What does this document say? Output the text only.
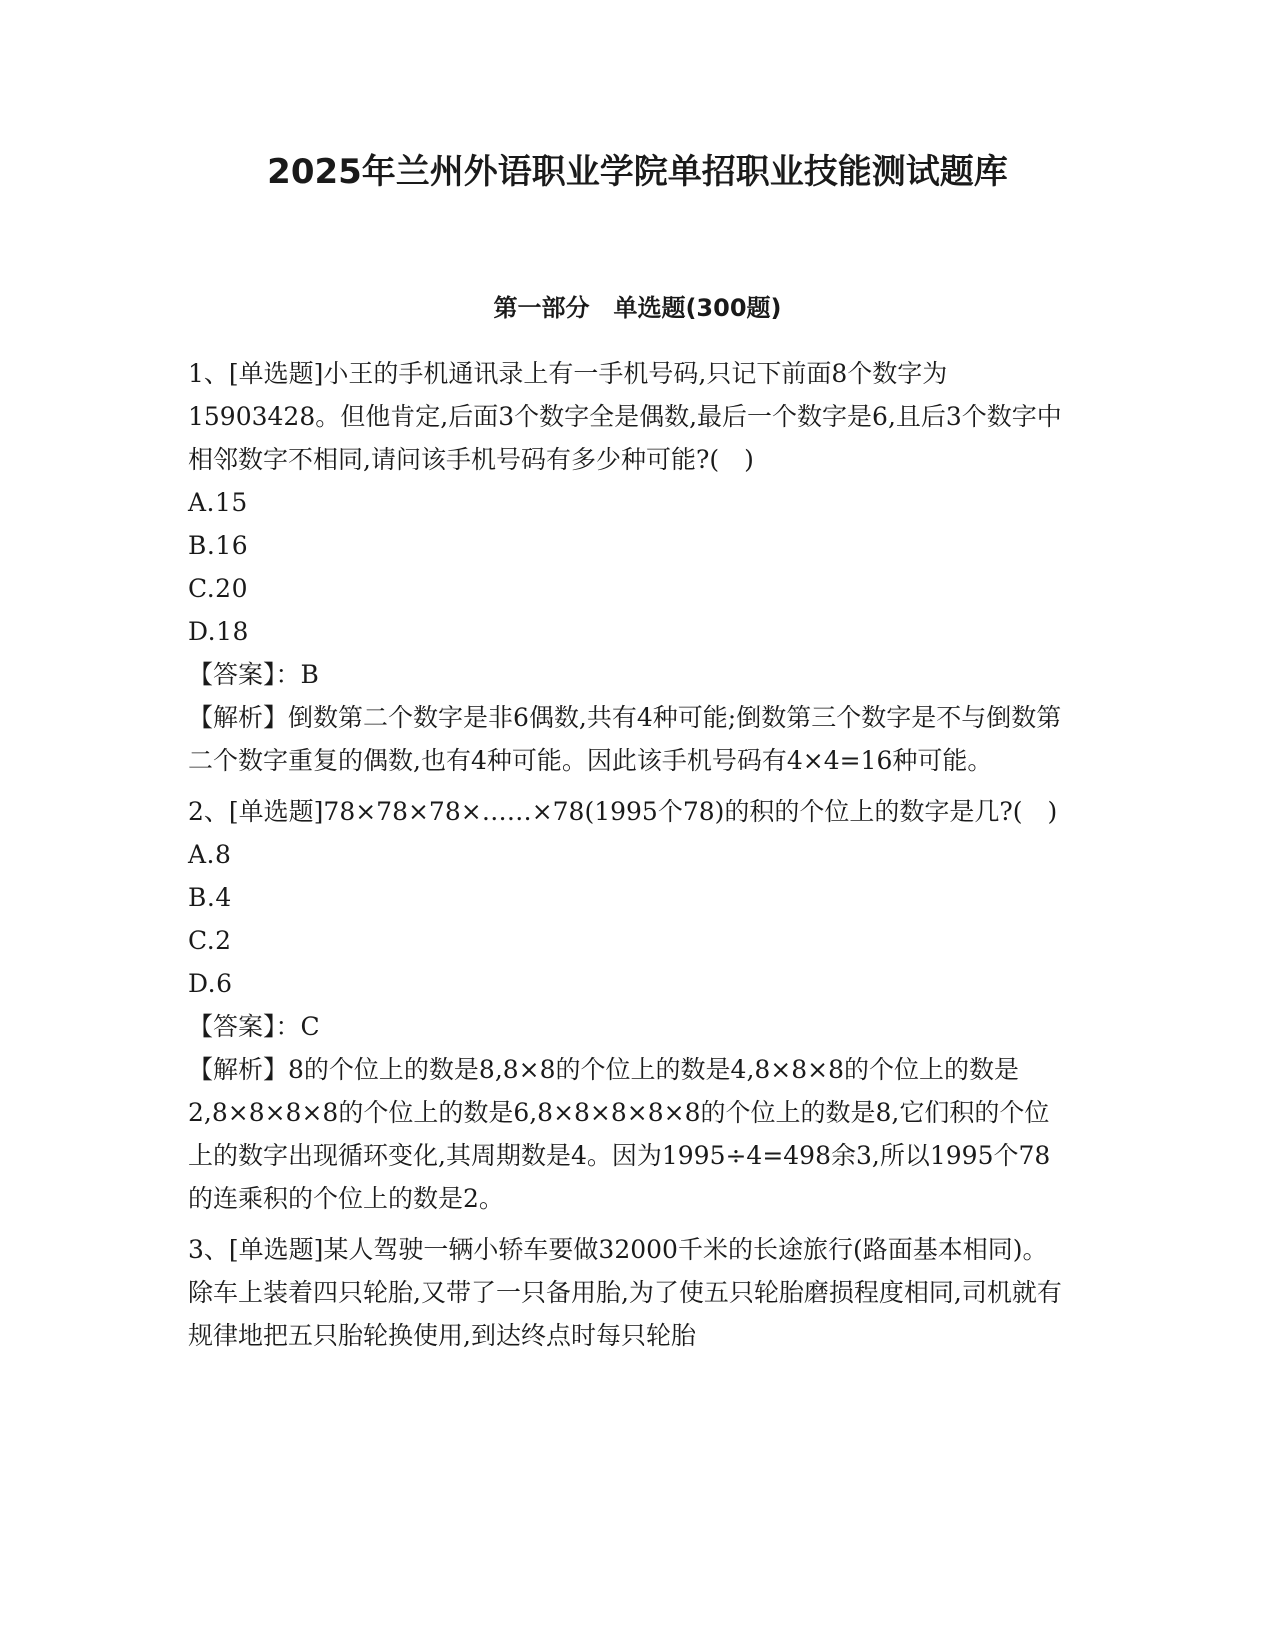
2025年兰州外语职业学院单招职业技能测试题库
第一部分　单选题(300题)

1、[单选题]小王的手机通讯录上有一手机号码,只记下前面8个数字为15903428。但他肯定,后面3个数字全是偶数,最后一个数字是6,且后3个数字中相邻数字不相同,请问该手机号码有多少种可能?(　)

A.15

B.16

C.20

D.18

【答案】：B

【解析】倒数第二个数字是非6偶数,共有4种可能;倒数第三个数字是不与倒数第二个数字重复的偶数,也有4种可能。因此该手机号码有4×4=16种可能。

2、[单选题]78×78×78×……×78(1995个78)的积的个位上的数字是几?(　)

A.8

B.4

C.2

D.6

【答案】：C

【解析】8的个位上的数是8,8×8的个位上的数是4,8×8×8的个位上的数是2,8×8×8×8的个位上的数是6,8×8×8×8×8的个位上的数是8,它们积的个位上的数字出现循环变化,其周期数是4。因为1995÷4=498余3,所以1995个78的连乘积的个位上的数是2。

3、[单选题]某人驾驶一辆小轿车要做32000千米的长途旅行(路面基本相同)。除车上装着四只轮胎,又带了一只备用胎,为了使五只轮胎磨损程度相同,司机就有规律地把五只胎轮换使用,到达终点时每只轮胎
